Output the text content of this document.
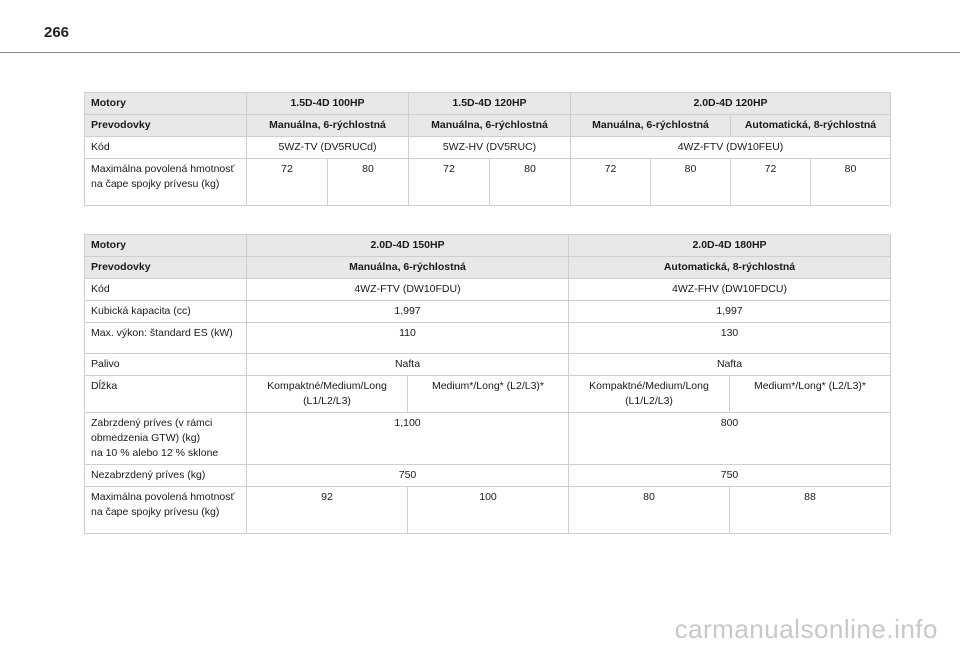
266
Motory	1.5D-4D 100HP		1.5D-4D 120HP		2.0D-4D 120HP			
Prevodovky	Manuálna, 6-rýchlostná		Manuálna, 6-rýchlostná		Manuálna, 6-rýchlostná		Automatická, 8-rýchlostná	
Kód	5WZ-TV (DV5RUCd)		5WZ-HV (DV5RUC)		4WZ-FTV (DW10FEU)			
Maximálna povolená hmotnosť na čape spojky prívesu (kg)	72	80	72	80	72	80	72	80
Motory	2.0D-4D 150HP		2.0D-4D 180HP	
Prevodovky	Manuálna, 6-rýchlostná		Automatická, 8-rýchlostná	
Kód	4WZ-FTV (DW10FDU)		4WZ-FHV (DW10FDCU)	
Kubická kapacita (cc)	1,997		1,997	
Max. výkon: štandard ES (kW)	110		130	
Palivo	Nafta		Nafta	
Dĺžka	Kompaktné/Medium/Long (L1/L2/L3)	Medium*/Long* (L2/L3)*	Kompaktné/Medium/Long (L1/L2/L3)	Medium*/Long* (L2/L3)*
Zabrzdený príves (v rámci obmedzenia GTW) (kg)
na 10 % alebo 12 % sklone	1,100		800	
Nezabrzdený príves (kg)	750		750	
Maximálna povolená hmotnosť na čape spojky prívesu (kg)	92	100	80	88
carmanualsonline.info
